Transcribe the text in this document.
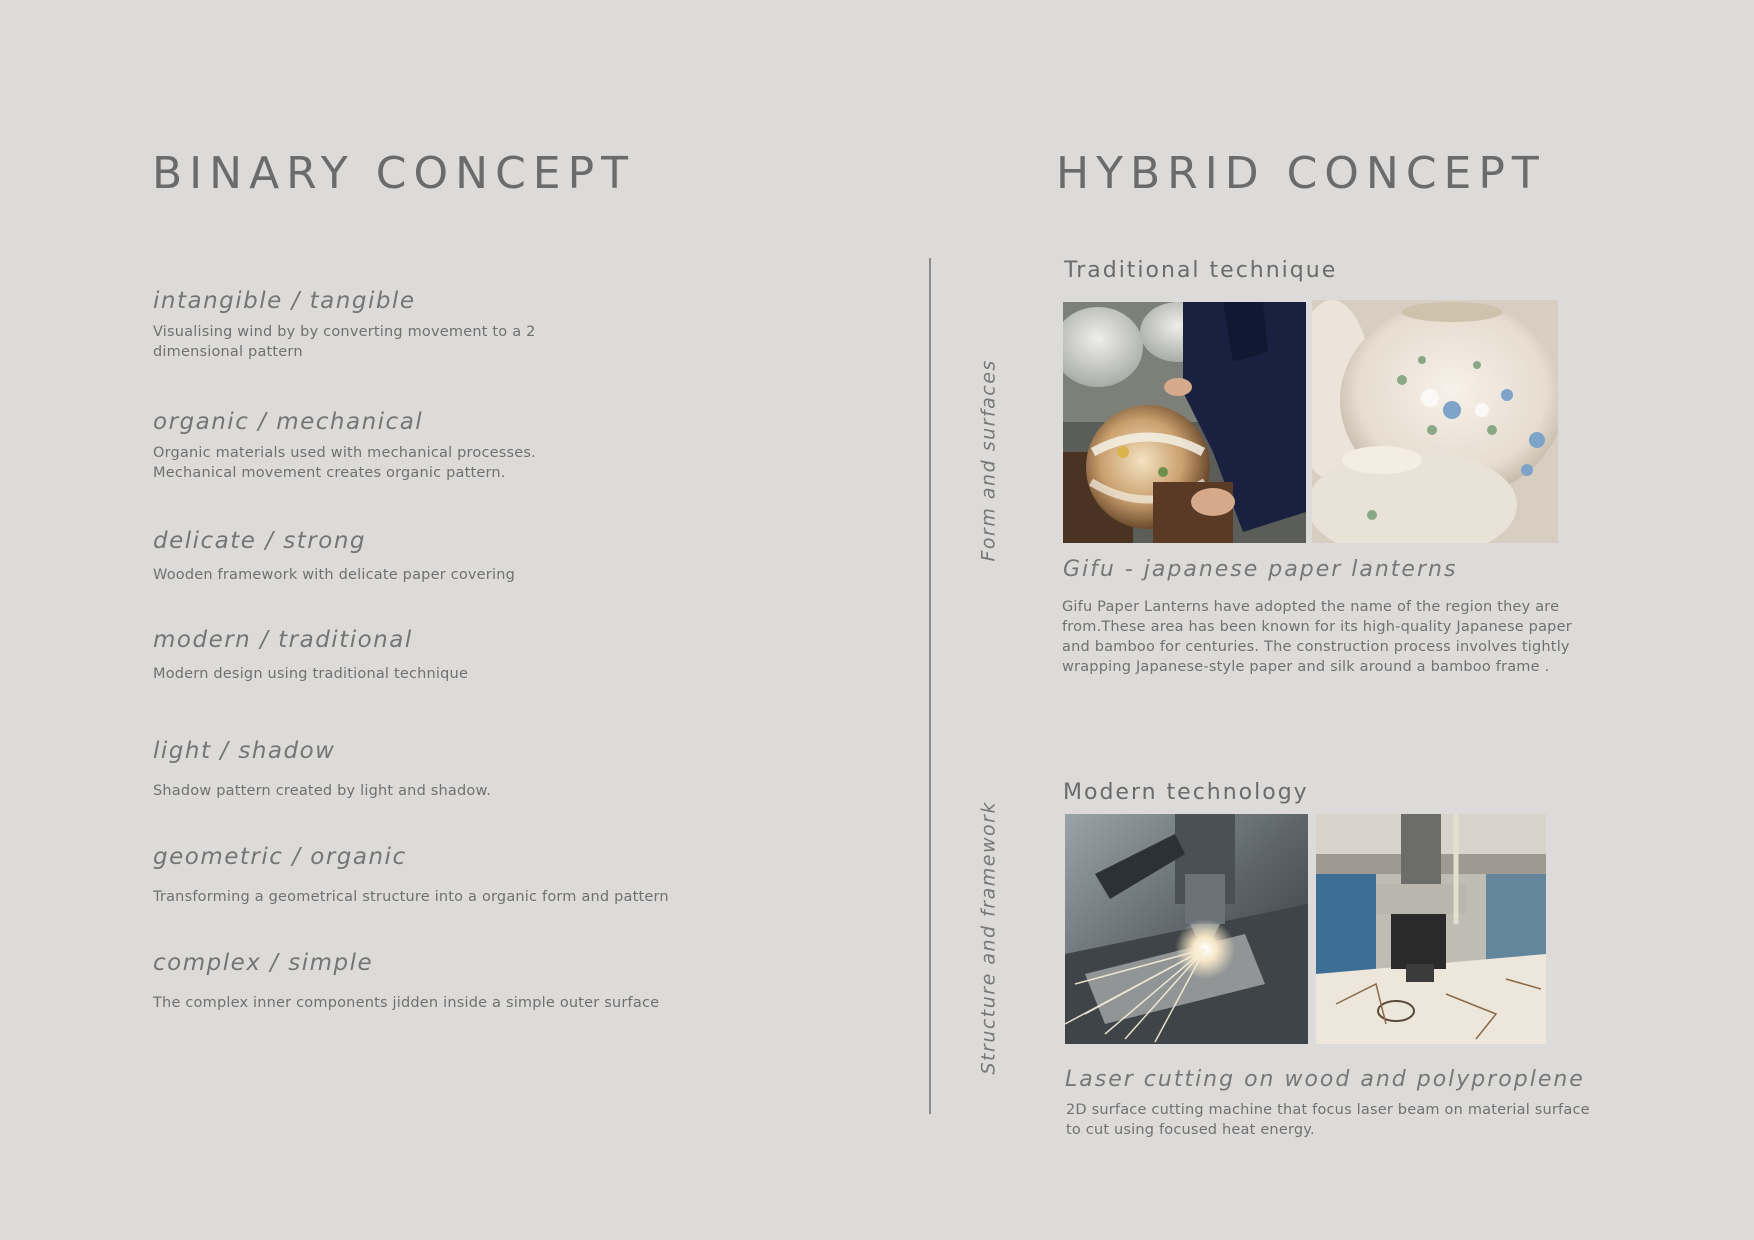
BINARY CONCEPT
intangible / tangible
Visualising wind by by converting movement to a 2 dimensional pattern
organic / mechanical
Organic materials used with mechanical processes. Mechanical movement creates organic pattern.
delicate / strong
Wooden framework with delicate paper covering
modern / traditional
Modern design using traditional technique
light / shadow
Shadow pattern created by light and shadow.
geometric / organic
Transforming a geometrical structure into a organic form and pattern
complex / simple
The complex inner components jidden inside a simple outer surface
Form and surfaces
Structure and framework
HYBRID CONCEPT
Traditional technique
Gifu - japanese paper lanterns
Gifu Paper Lanterns have adopted the name of the region they are from.These area has been known for its high-quality Japanese paper and bamboo for centuries. The construction process involves tightly wrapping Japanese-style paper and silk around a bamboo frame .
Modern technology
Laser cutting on wood and polyproplene
2D surface cutting machine that focus laser beam on material surface to cut using focused heat energy.
